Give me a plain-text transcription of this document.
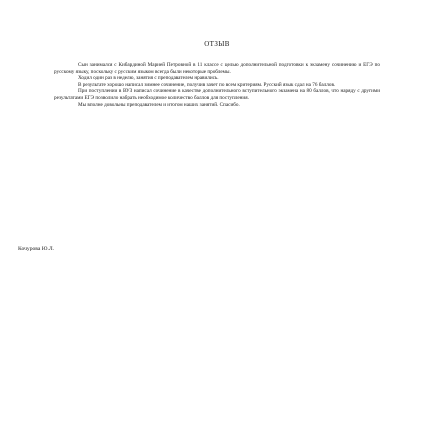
ОТЗЫВ

Сын занимался с Кибардиной Марией Петровной в 11 классе с целью дополнительной подготовки к экзамену сочинению и ЕГЭ по русскому языку, поскольку с русским языком всегда были некоторые проблемы.

Ходил один раз в неделю, занятия с преподавателем нравились.

В результате хорошо написал зимнее сочинение, получив зачет по всем критериям. Русский язык сдал на 76 баллов.

При поступлении в ВУЗ написал сочинение в качестве дополнительного вступительного экзамена на 80 баллов, что наряду с другими результатами ЕГЭ позволило набрать необходимое количество баллов для поступления.

Мы вполне довольны преподавателем и итогом наших занятий. Спасибо.

Кочурова Ю.Л.
